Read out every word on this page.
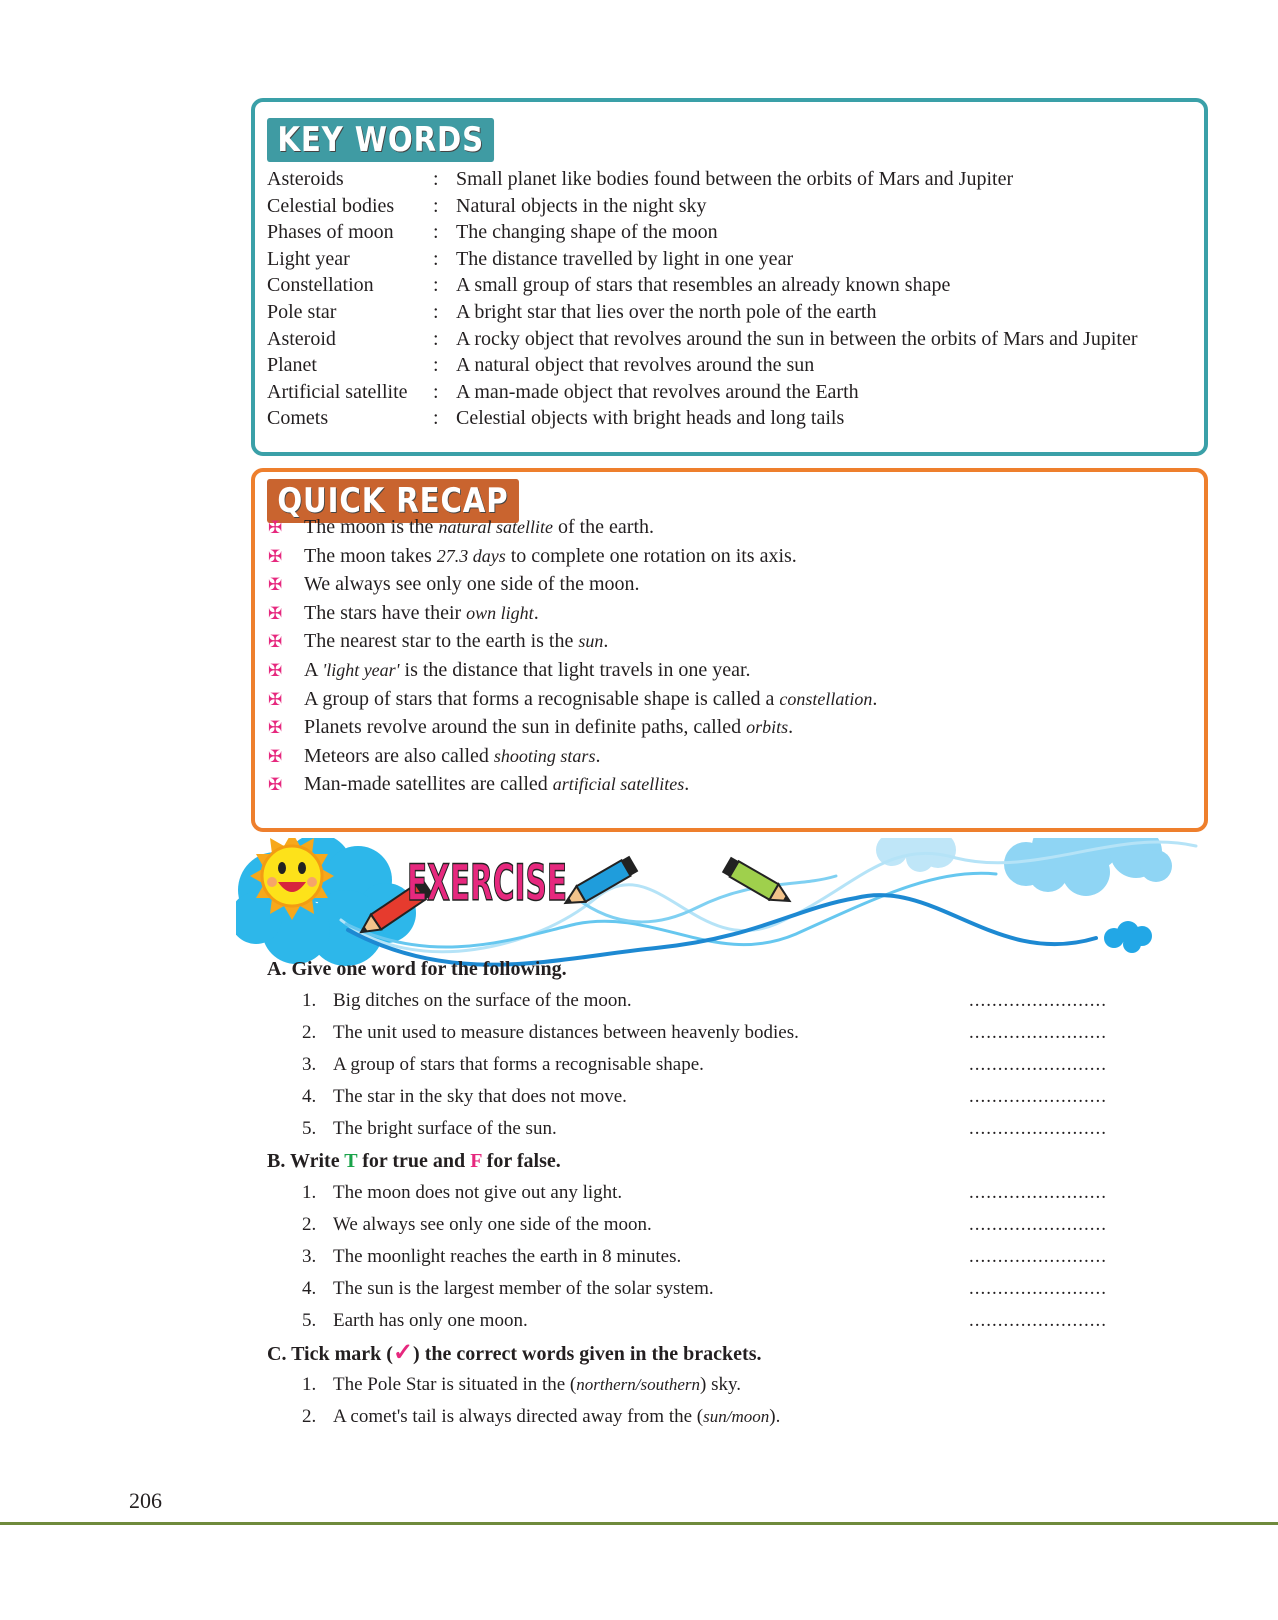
KEY WORDS
Asteroids	: Small planet like bodies found between the orbits of Mars and Jupiter
Celestial bodies : Natural objects in the night sky
Phases of moon : The changing shape of the moon
Light year	: The distance travelled by light in one year
Constellation	: A small group of stars that resembles an already known shape
Pole star	: A bright star that lies over the north pole of the earth
Asteroid	: A rocky object that revolves around the sun in between the orbits of Mars and Jupiter
Planet	: A natural object that revolves around the sun
Artificial satellite : A man-made object that revolves around the Earth
Comets	: Celestial objects with bright heads and long tails
QUICK RECAP
✠ The moon is the natural satellite of the earth.
✠ The moon takes 27.3 days to complete one rotation on its axis.
✠ We always see only one side of the moon.
✠ The stars have their own light.
✠ The nearest star to the earth is the sun.
✠ A 'light year' is the distance that light travels in one year.
✠ A group of stars that forms a recognisable shape is called a constellation.
✠ Planets revolve around the sun in definite paths, called orbits.
✠ Meteors are also called shooting stars.
✠ Man-made satellites are called artificial satellites.
EXERCISE
A. Give one word for the following.
1. Big ditches on the surface of the moon.	........................
2. The unit used to measure distances between heavenly bodies.	........................
3. A group of stars that forms a recognisable shape.	........................
4. The star in the sky that does not move.	........................
5. The bright surface of the sun.	........................
B. Write T for true and F for false.
1. The moon does not give out any light.	........................
2. We always see only one side of the moon.	........................
3. The moonlight reaches the earth in 8 minutes.	........................
4. The sun is the largest member of the solar system.	........................
5. Earth has only one moon.	........................
C. Tick mark (✓) the correct words given in the brackets.
1. The Pole Star is situated in the (northern/southern) sky.
2. A comet's tail is always directed away from the (sun/moon).
206
